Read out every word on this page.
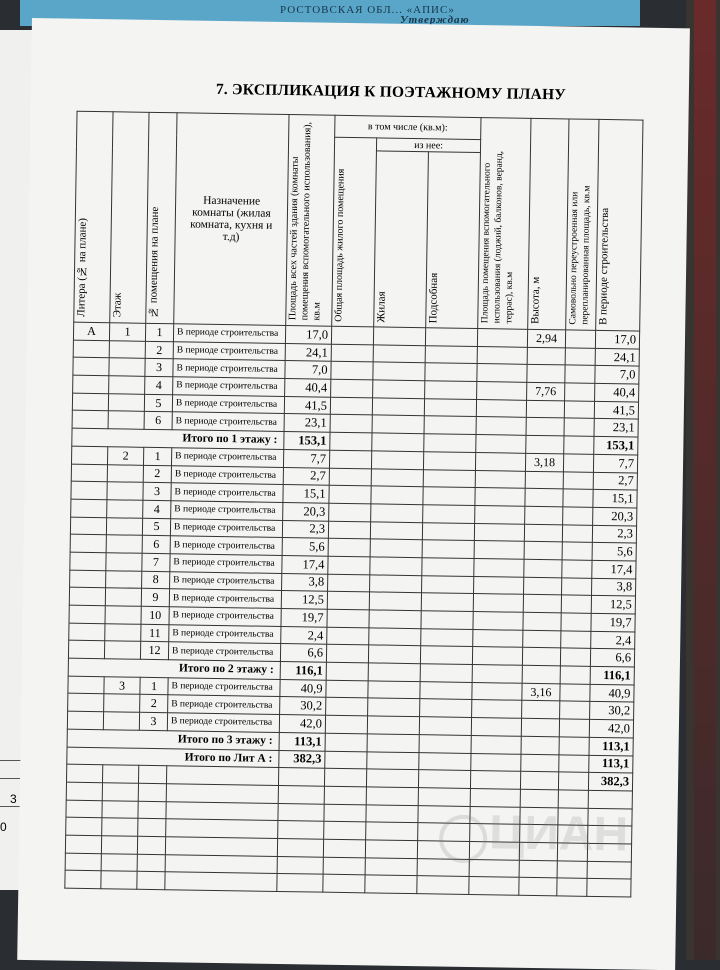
РОСТОВСКАЯ ОБЛ... «АПИС»
Утверждаю
3
0
7. ЭКСПЛИКАЦИЯ К ПОЭТАЖНОМУ ПЛАНУ
Литера (№ на плане)	Этаж	№ помещения на плане	Назначение комнаты (жилая комната, кухня и т.д)	Площадь всех частей здания (комнаты помещения вспомогательного использования), кв.м	в том числе (кв.м):			Площадь помещения вспомогательного использования (лоджий, балконов, веранд, террас), кв.м	Высота, м	Самовольно переустроенная или перепланированная площадь, кв.м	В периоде строительства

					Общая площадь жилого помещения	из нее:					

						Жилая	Подсобная				

А	1	1	В периоде строительства	17,0					2,94		17,0
		2	В периоде строительства	24,1							24,1
		3	В периоде строительства	7,0							7,0
		4	В периоде строительства	40,4					7,76		40,4
		5	В периоде строительства	41,5							41,5
		6	В периоде строительства	23,1							23,1
Итого по 1 этажу :				153,1							153,1
	2	1	В периоде строительства	7,7					3,18		7,7
		2	В периоде строительства	2,7							2,7
		3	В периоде строительства	15,1							15,1
		4	В периоде строительства	20,3							20,3
		5	В периоде строительства	2,3							2,3
		6	В периоде строительства	5,6							5,6
		7	В периоде строительства	17,4							17,4
		8	В периоде строительства	3,8							3,8
		9	В периоде строительства	12,5							12,5
		10	В периоде строительства	19,7							19,7
		11	В периоде строительства	2,4							2,4
		12	В периоде строительства	6,6							6,6
Итого по 2 этажу :				116,1							116,1
	3	1	В периоде строительства	40,9					3,16		40,9
		2	В периоде строительства	30,2							30,2
		3	В периоде строительства	42,0							42,0
Итого по 3 этажу :				113,1							113,1
Итого по Лит А :				382,3							113,1
											382,3

ЦИАН
